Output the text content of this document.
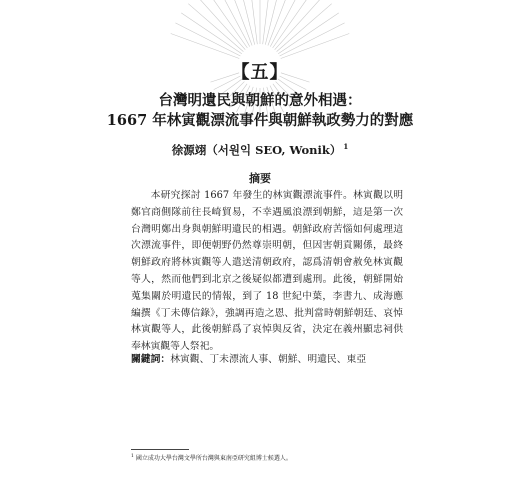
【五】
台灣明遺民與朝鮮的意外相遇：
1667 年林寅觀漂流事件與朝鮮執政勢力的對應
徐源翊（서원익 SEO, Wonik） $^1$
摘要

本研究探討 1667 年發生的林寅觀漂流事件。林寅觀以明鄭官商側隊前往長崎貿易，不幸遇風浪漂到朝鮮，這是第一次台灣明鄭出身與朝鮮明遺民的相遇。朝鮮政府苦惱如何處理這次漂流事件，即便朝野仍然尊崇明朝，但因害朝貢關係，最終朝鮮政府將林寅觀等人遣送清朝政府，認爲清朝會赦免林寅觀等人，然而他們到北京之後疑似都遭到處刑。此後，朝鮮開始蒐集關於明遺民的情報，到了 18 世紀中葉，李書九、成海應編撰《丁未傳信錄》，強調再造之恩、批判當時朝鮮朝廷、哀悼林寅觀等人，此後朝鮮爲了哀悼與反省，決定在義州顯忠祠供奉林寅觀等人祭祀。

關鍵詞：林寅觀、丁未漂流人事、朝鮮、明遺民、東亞
$^1$ 國立成功大學台灣文學所台灣與東南亞研究組博士候選人。
